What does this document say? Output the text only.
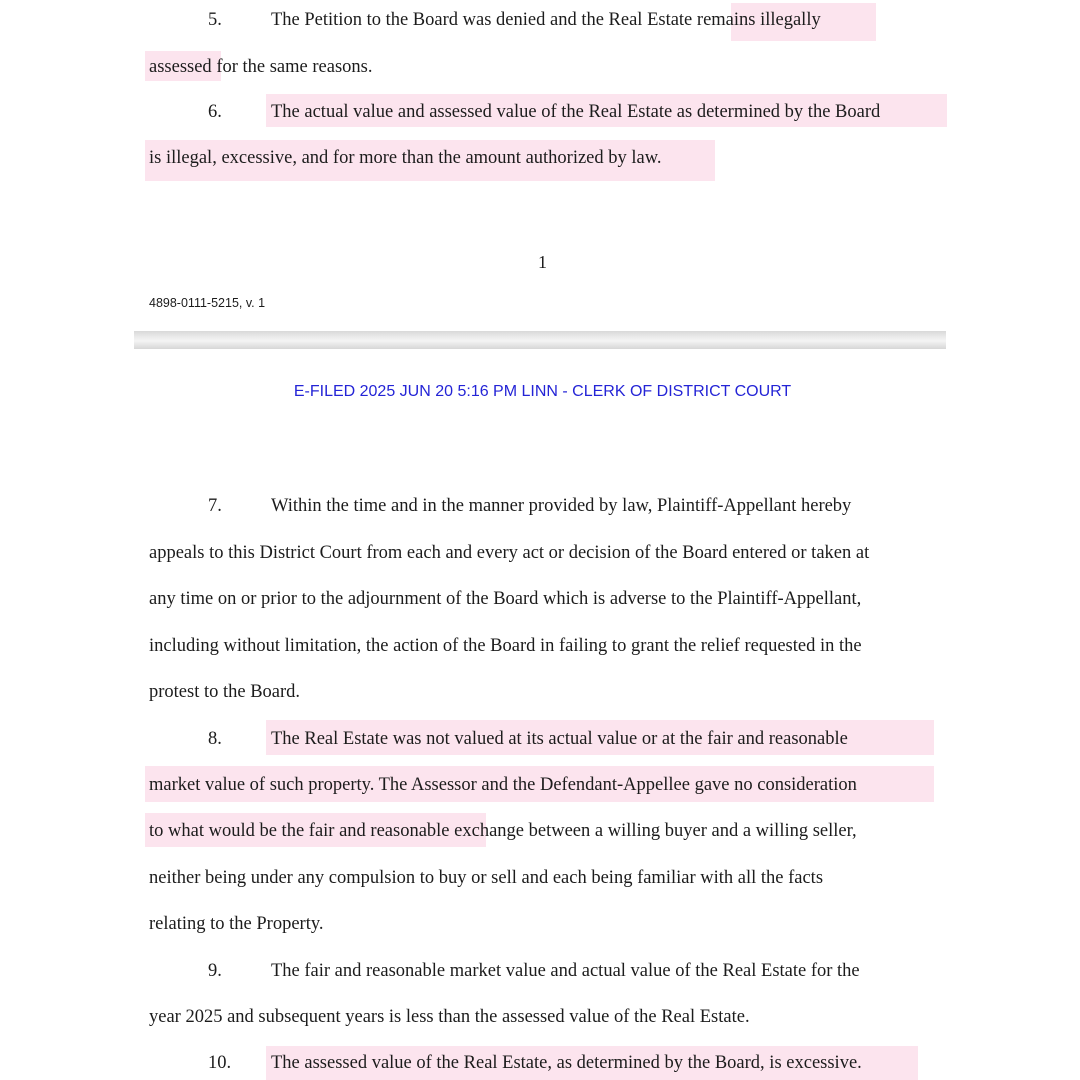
5.	The Petition to the Board was denied and the Real Estate remains illegally
assessed for the same reasons.
6.	The actual value and assessed value of the Real Estate as determined by the Board
is illegal, excessive, and for more than the amount authorized by law.
1
4898-0111-5215, v. 1
E-FILED 2025 JUN 20 5:16 PM LINN - CLERK OF DISTRICT COURT
7.	Within the time and in the manner provided by law, Plaintiff-Appellant hereby
appeals to this District Court from each and every act or decision of the Board entered or taken at
any time on or prior to the adjournment of the Board which is adverse to the Plaintiff-Appellant,
including without limitation, the action of the Board in failing to grant the relief requested in the
protest to the Board.
8.	The Real Estate was not valued at its actual value or at the fair and reasonable
market value of such property. The Assessor and the Defendant-Appellee gave no consideration
to what would be the fair and reasonable exchange between a willing buyer and a willing seller,
neither being under any compulsion to buy or sell and each being familiar with all the facts
relating to the Property.
9.	The fair and reasonable market value and actual value of the Real Estate for the
year 2025 and subsequent years is less than the assessed value of the Real Estate.
10. The assessed value of the Real Estate, as determined by the Board, is excessive.
